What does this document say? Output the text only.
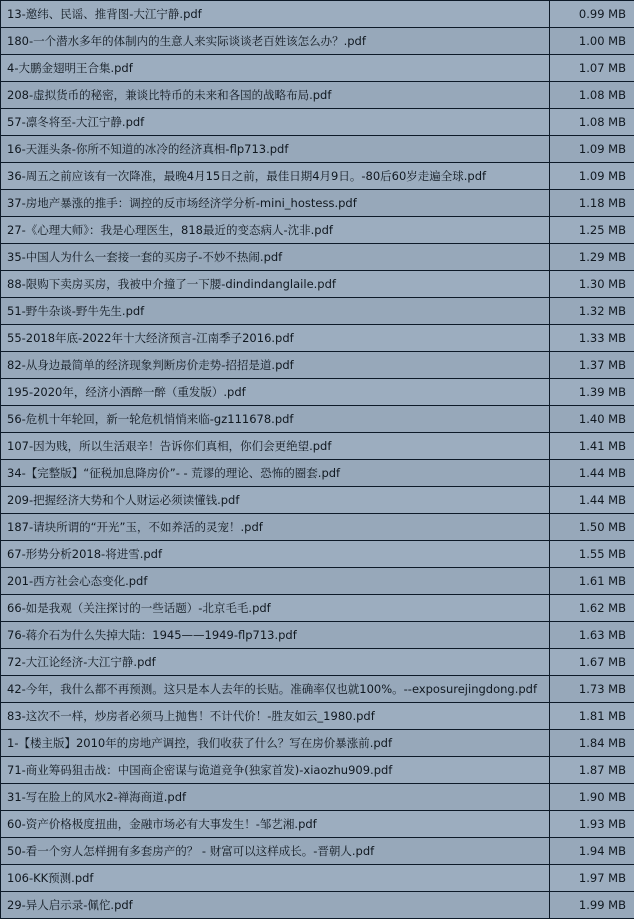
13-邀纬、民谣、推背图-大江宁静.pdf	0.99 MB
180-一个潜水多年的体制内的生意人来实际谈谈老百姓该怎么办？.pdf	1.00 MB
4-大鹏金翅明王合集.pdf	1.07 MB
208-虚拟货币的秘密，兼谈比特币的未来和各国的战略布局.pdf	1.08 MB
57-凛冬将至-大江宁静.pdf	1.08 MB
16-天涯头条-你所不知道的冰冷的经济真相-flp713.pdf	1.09 MB
36-周五之前应该有一次降准，最晚4月15日之前，最佳日期4月9日。-80后60岁走遍全球.pdf	1.09 MB
37-房地产暴涨的推手：调控的反市场经济学分析-mini_hostess.pdf	1.18 MB
27-《心理大师》：我是心理医生，818最近的变态病人-沈非.pdf	1.25 MB
35-中国人为什么一套接一套的买房子-不妙不热闹.pdf	1.29 MB
88-限购下卖房买房，我被中介撞了一下腰-dindindanglaile.pdf	1.30 MB
51-野牛杂谈-野牛先生.pdf	1.32 MB
55-2018年底-2022年十大经济预言-江南季子2016.pdf	1.33 MB
82-从身边最简单的经济现象判断房价走势-招招是道.pdf	1.37 MB
195-2020年，经济小酒醉一醉（重发版）.pdf	1.39 MB
56-危机十年轮回，新一轮危机悄悄来临-gz111678.pdf	1.40 MB
107-因为贱，所以生活艰辛！告诉你们真相，你们会更绝望.pdf	1.41 MB
34-【完整版】“征税加息降房价”- - 荒谬的理论、恐怖的圈套.pdf	1.44 MB
209-把握经济大势和个人财运必须读懂钱.pdf	1.44 MB
187-请块所谓的“开光”玉，不如养活的灵宠！.pdf	1.50 MB
67-形势分析2018-将进雪.pdf	1.55 MB
201-西方社会心态变化.pdf	1.61 MB
66-如是我观（关注探讨的一些话题）-北京毛毛.pdf	1.62 MB
76-蒋介石为什么失掉大陆：1945——1949-flp713.pdf	1.63 MB
72-大江论经济-大江宁静.pdf	1.67 MB
42-今年，我什么都不再预测。这只是本人去年的长贴。准确率仅也就100%。--exposurejingdong.pdf	1.73 MB
83-这次不一样，炒房者必须马上抛售！不计代价！-胜友如云_1980.pdf	1.81 MB
1-【楼主版】2010年的房地产调控，我们收获了什么？写在房价暴涨前.pdf	1.84 MB
71-商业筹码狙击战：中国商企密谋与诡道竞争(独家首发)-xiaozhu909.pdf	1.87 MB
31-写在脸上的风水2-禅海商道.pdf	1.90 MB
60-资产价格极度扭曲，金融市场必有大事发生！-邹艺湘.pdf	1.93 MB
50-看一个穷人怎样拥有多套房产的？ - 财富可以这样成长。-晋朝人.pdf	1.94 MB
106-KK预测.pdf	1.97 MB
29-异人启示录-佩佗.pdf	1.99 MB
